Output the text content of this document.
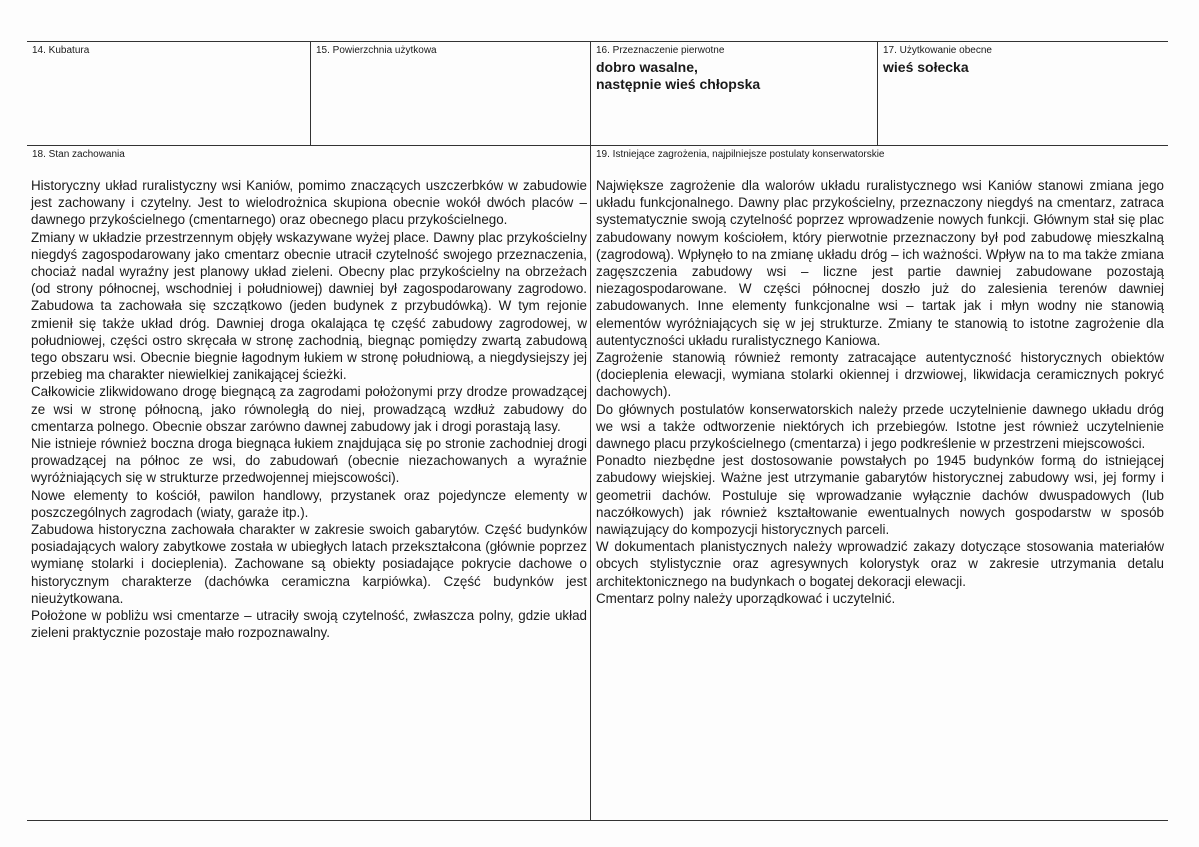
14. Kubatura	15. Powierzchnia użytkowa	16. Przeznaczenie pierwotne
dobro wasalne,
następnie wieś chłopska
17. Użytkowanie obecne
wieś sołecka
18. Stan zachowania

Historyczny układ ruralistyczny wsi Kaniów, pomimo znaczących uszczerbków w zabudowie jest zachowany i czytelny. Jest to wielodrożnica skupiona obecnie wokół dwóch placów – dawnego przykościelnego (cmentarnego) oraz obecnego placu przykościelnego.

Zmiany w układzie przestrzennym objęły wskazywane wyżej place. Dawny plac przykościelny niegdyś zagospodarowany jako cmentarz obecnie utracił czytelność swojego przeznaczenia, chociaż nadal wyraźny jest planowy układ zieleni. Obecny plac przykościelny na obrzeżach (od strony północnej, wschodniej i południowej) dawniej był zagospodarowany zagrodowo. Zabudowa ta zachowała się szczątkowo (jeden budynek z przybudówką). W tym rejonie zmienił się także układ dróg. Dawniej droga okalająca tę część zabudowy zagrodowej, w południowej, części ostro skręcała w stronę zachodnią, biegnąc pomiędzy zwartą zabudową tego obszaru wsi. Obecnie biegnie łagodnym łukiem w stronę południową, a niegdysiejszy jej przebieg ma charakter niewielkiej zanikającej ścieżki.

Całkowicie zlikwidowano drogę biegnącą za zagrodami położonymi przy drodze prowadzącej ze wsi w stronę północną, jako równoległą do niej, prowadzącą wzdłuż zabudowy do cmentarza polnego. Obecnie obszar zarówno dawnej zabudowy jak i drogi porastają lasy.

Nie istnieje również boczna droga biegnąca łukiem znajdująca się po stronie zachodniej drogi prowadzącej na północ ze wsi, do zabudowań (obecnie niezachowanych a wyraźnie wyróżniających się w strukturze przedwojennej miejscowości).

Nowe elementy to kościół, pawilon handlowy, przystanek oraz pojedyncze elementy w poszczególnych zagrodach (wiaty, garaże itp.).

Zabudowa historyczna zachowała charakter w zakresie swoich gabarytów. Część budynków posiadających walory zabytkowe została w ubiegłych latach przekształcona (głównie poprzez wymianę stolarki i docieplenia). Zachowane są obiekty posiadające pokrycie dachowe o historycznym charakterze (dachówka ceramiczna karpiówka). Część budynków jest nieużytkowana.

Położone w pobliżu wsi cmentarze – utraciły swoją czytelność, zwłaszcza polny, gdzie układ zieleni praktycznie pozostaje mało rozpoznawalny.

19. Istniejące zagrożenia, najpilniejsze postulaty konserwatorskie

Największe zagrożenie dla walorów układu ruralistycznego wsi Kaniów stanowi zmiana jego układu funkcjonalnego. Dawny plac przykościelny, przeznaczony niegdyś na cmentarz, zatraca systematycznie swoją czytelność poprzez wprowadzenie nowych funkcji. Głównym stał się plac zabudowany nowym kościołem, który pierwotnie przeznaczony był pod zabudowę mieszkalną (zagrodową). Wpłynęło to na zmianę układu dróg – ich ważności. Wpływ na to ma także zmiana zagęszczenia zabudowy wsi – liczne jest partie dawniej zabudowane pozostają niezagospodarowane. W części północnej doszło już do zalesienia terenów dawniej zabudowanych. Inne elementy funkcjonalne wsi – tartak jak i młyn wodny nie stanowią elementów wyróżniających się w jej strukturze. Zmiany te stanowią to istotne zagrożenie dla autentyczności układu ruralistycznego Kaniowa.

Zagrożenie stanowią również remonty zatracające autentyczność historycznych obiektów (docieplenia elewacji, wymiana stolarki okiennej i drzwiowej, likwidacja ceramicznych pokryć dachowych).

Do głównych postulatów konserwatorskich należy przede uczytelnienie dawnego układu dróg we wsi a także odtworzenie niektórych ich przebiegów. Istotne jest również uczytelnienie dawnego placu przykościelnego (cmentarza) i jego podkreślenie w przestrzeni miejscowości.

Ponadto niezbędne jest dostosowanie powstałych po 1945 budynków formą do istniejącej zabudowy wiejskiej. Ważne jest utrzymanie gabarytów historycznej zabudowy wsi, jej formy i geometrii dachów. Postuluje się wprowadzanie wyłącznie dachów dwuspadowych (lub naczółkowych) jak również kształtowanie ewentualnych nowych gospodarstw w sposób nawiązujący do kompozycji historycznych parceli.

W dokumentach planistycznych należy wprowadzić zakazy dotyczące stosowania materiałów obcych stylistycznie oraz agresywnych kolorystyk oraz w zakresie utrzymania detalu architektonicznego na budynkach o bogatej dekoracji elewacji.

Cmentarz polny należy uporządkować i uczytelnić.
